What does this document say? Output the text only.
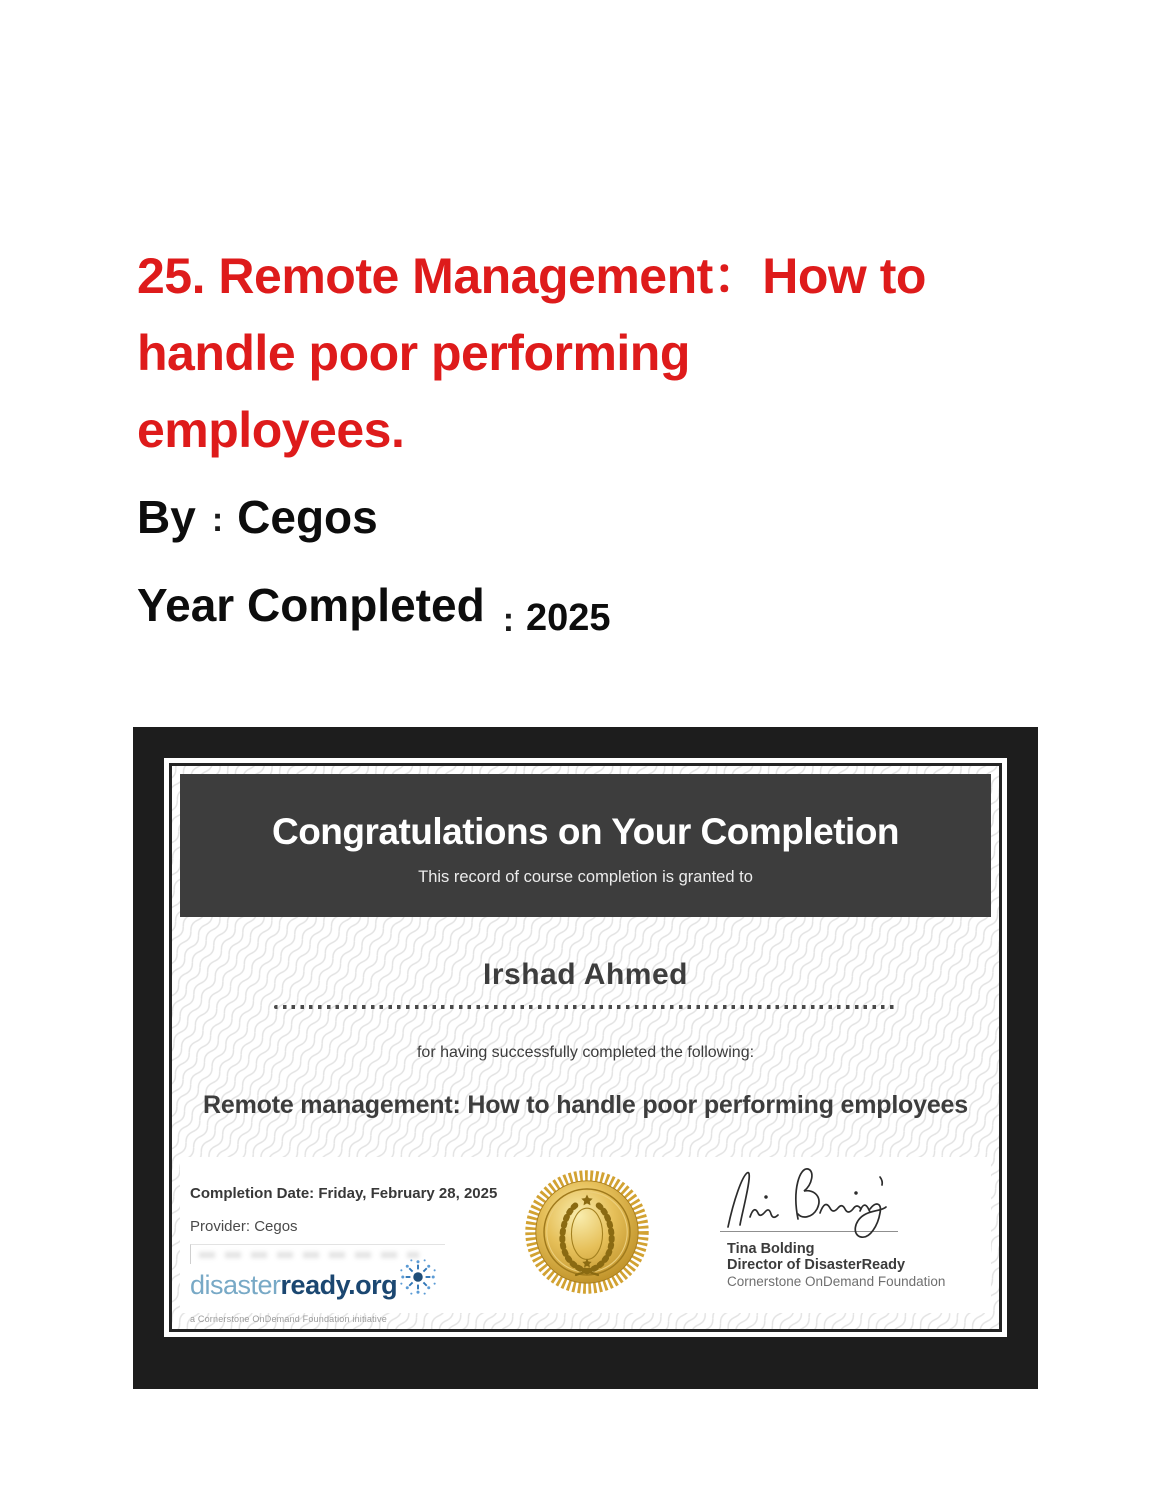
25. Remote Management：How to
handle poor performing
employees.
By : Cegos
Year Completed : 2025
Congratulations on Your Completion
This record of course completion is granted to
Irshad Ahmed
for having successfully completed the following:
Remote management: How to handle poor performing employees
Completion Date: Friday, February 28, 2025
Provider: Cegos
disasterready.org
a Cornerstone OnDemand Foundation initiative
Tina Bolding
Director of DisasterReady
Cornerstone OnDemand Foundation
